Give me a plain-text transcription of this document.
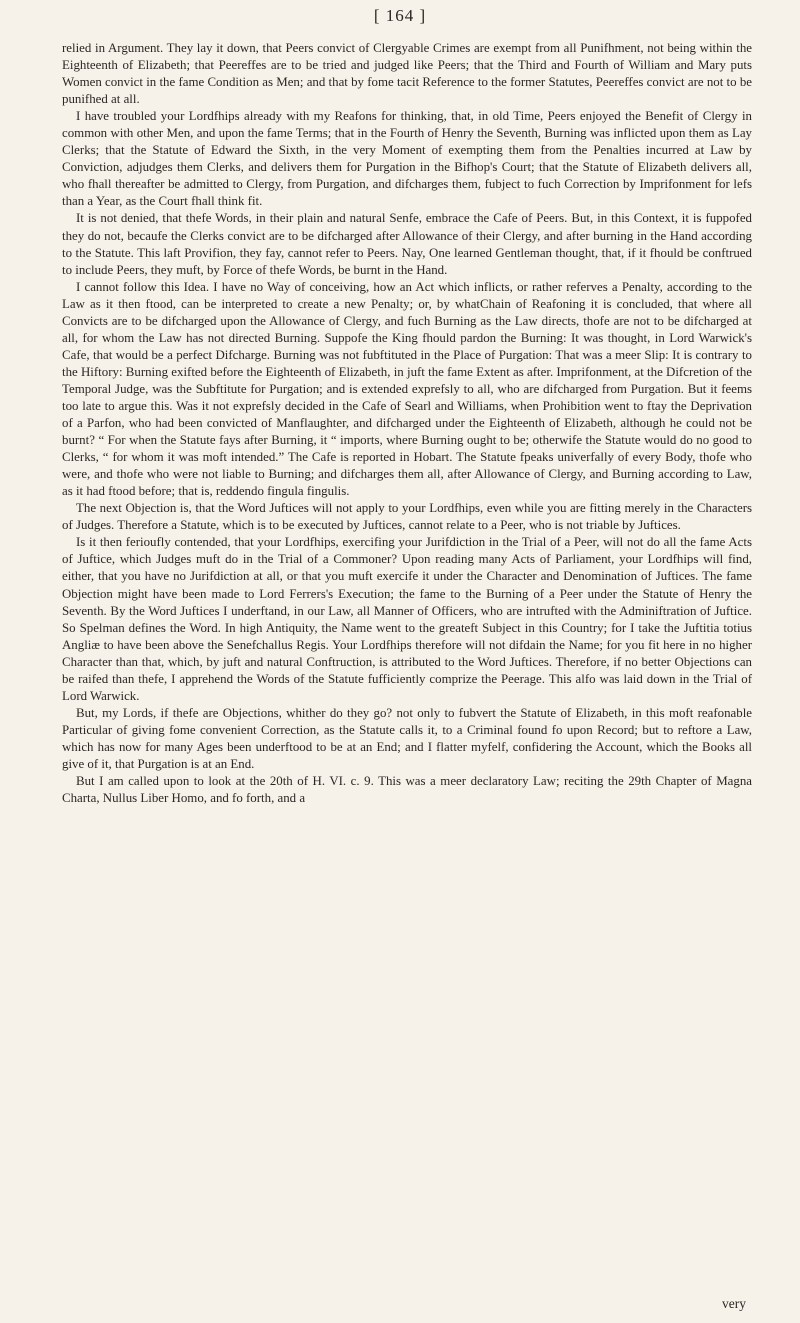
[ 164 ]

relied in Argument. They lay it down, that Peers convict of Clergyable Crimes are exempt from all Punifhment, not being within the Eighteenth of Elizabeth; that Peereffes are to be tried and judged like Peers; that the Third and Fourth of William and Mary puts Women convict in the fame Condition as Men; and that by fome tacit Reference to the former Statutes, Peereffes convict are not to be punifhed at all.

I have troubled your Lordfhips already with my Reafons for thinking, that, in old Time, Peers enjoyed the Benefit of Clergy in common with other Men, and upon the fame Terms; that in the Fourth of Henry the Seventh, Burning was inflicted upon them as Lay Clerks; that the Statute of Edward the Sixth, in the very Moment of exempting them from the Penalties incurred at Law by Conviction, adjudges them Clerks, and delivers them for Purgation in the Bifhop's Court; that the Statute of Elizabeth delivers all, who fhall thereafter be admitted to Clergy, from Purgation, and difcharges them, fubject to fuch Correction by Imprifonment for lefs than a Year, as the Court fhall think fit.

It is not denied, that thefe Words, in their plain and natural Senfe, embrace the Cafe of Peers. But, in this Context, it is fuppofed they do not, becaufe the Clerks convict are to be difcharged after Allowance of their Clergy, and after burning in the Hand according to the Statute. This laft Provifion, they fay, cannot refer to Peers. Nay, One learned Gentleman thought, that, if it fhould be conftrued to include Peers, they muft, by Force of thefe Words, be burnt in the Hand.

I cannot follow this Idea. I have no Way of conceiving, how an Act which inflicts, or rather referves a Penalty, according to the Law as it then ftood, can be interpreted to create a new Penalty; or, by whatChain of Reafoning it is concluded, that where all Convicts are to be difcharged upon the Allowance of Clergy, and fuch Burning as the Law directs, thofe are not to be difcharged at all, for whom the Law has not directed Burning. Suppofe the King fhould pardon the Burning: It was thought, in Lord Warwick's Cafe, that would be a perfect Difcharge. Burning was not fubftituted in the Place of Purgation: That was a meer Slip: It is contrary to the Hiftory: Burning exifted before the Eighteenth of Elizabeth, in juft the fame Extent as after. Imprifonment, at the Difcretion of the Temporal Judge, was the Subftitute for Purgation; and is extended exprefsly to all, who are difcharged from Purgation. But it feems too late to argue this. Was it not exprefsly decided in the Cafe of Searl and Williams, when Prohibition went to ftay the Deprivation of a Parfon, who had been convicted of Manflaughter, and difcharged under the Eighteenth of Elizabeth, although he could not be burnt? “ For when the Statute fays after Burning, it “ imports, where Burning ought to be; otherwife the Statute would do no good to Clerks, “ for whom it was moft intended.” The Cafe is reported in Hobart. The Statute fpeaks univerfally of every Body, thofe who were, and thofe who were not liable to Burning; and difcharges them all, after Allowance of Clergy, and Burning according to Law, as it had ftood before; that is, reddendo fingula fingulis.

The next Objection is, that the Word Juftices will not apply to your Lordfhips, even while you are fitting merely in the Characters of Judges. Therefore a Statute, which is to be executed by Juftices, cannot relate to a Peer, who is not triable by Juftices.

Is it then ferioufly contended, that your Lordfhips, exercifing your Jurifdiction in the Trial of a Peer, will not do all the fame Acts of Juftice, which Judges muft do in the Trial of a Commoner? Upon reading many Acts of Parliament, your Lordfhips will find, either, that you have no Jurifdiction at all, or that you muft exercife it under the Character and Denomination of Juftices. The fame Objection might have been made to Lord Ferrers's Execution; the fame to the Burning of a Peer under the Statute of Henry the Seventh. By the Word Juftices I underftand, in our Law, all Manner of Officers, who are intrufted with the Adminiftration of Juftice. So Spelman defines the Word. In high Antiquity, the Name went to the greateft Subject in this Country; for I take the Juftitia totius Angliæ to have been above the Senefchallus Regis. Your Lordfhips therefore will not difdain the Name; for you fit here in no higher Character than that, which, by juft and natural Conftruction, is attributed to the Word Juftices. Therefore, if no better Objections can be raifed than thefe, I apprehend the Words of the Statute fufficiently comprize the Peerage. This alfo was laid down in the Trial of Lord Warwick.

But, my Lords, if thefe are Objections, whither do they go? not only to fubvert the Statute of Elizabeth, in this moft reafonable Particular of giving fome convenient Correction, as the Statute calls it, to a Criminal found fo upon Record; but to reftore a Law, which has now for many Ages been underftood to be at an End; and I flatter myfelf, confidering the Account, which the Books all give of it, that Purgation is at an End.

But I am called upon to look at the 20th of H. VI. c. 9. This was a meer declaratory Law; reciting the 29th Chapter of Magna Charta, Nullus Liber Homo, and fo forth, and a

very
